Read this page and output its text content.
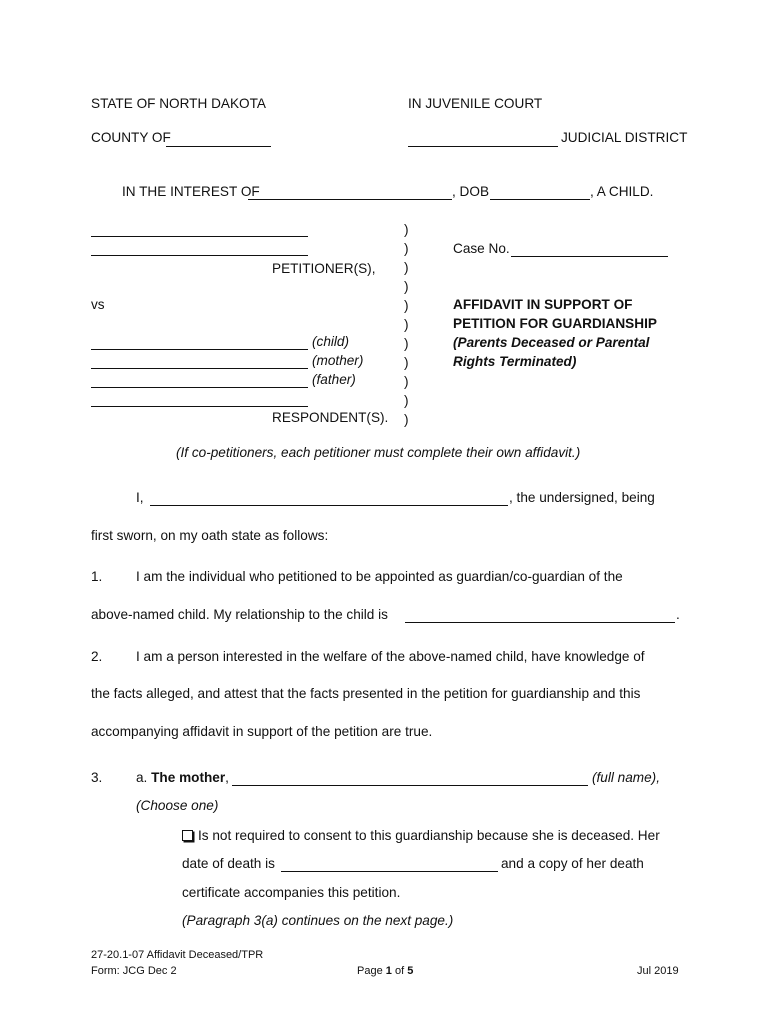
STATE OF NORTH DAKOTA	IN JUVENILE COURT
COUNTY OF	JUDICIAL DISTRICT
IN THE INTEREST OF	, DOB	, A CHILD.
PETITIONER(S),
vs
(child)
(mother)
(father)
RESPONDENT(S).
)
)
)
)
)
)
)
)
)
)
)
Case No.
AFFIDAVIT IN SUPPORT OF
PETITION FOR GUARDIANSHIP
(Parents Deceased or Parental
Rights Terminated)
(If co-petitioners, each petitioner must complete their own affidavit.)
I,	, the undersigned, being
first sworn, on my oath state as follows:
1. I am the individual who petitioned to be appointed as guardian/co-guardian of the
above-named child. My relationship to the child is	.
2. I am a person interested in the welfare of the above-named child, have knowledge of
the facts alleged, and attest that the facts presented in the petition for guardianship and this
accompanying affidavit in support of the petition are true.
3. a. The mother,	(full name),
(Choose one)
Is not required to consent to this guardianship because she is deceased. Her
date of death is	and a copy of her death
certificate accompanies this petition.
(Paragraph 3(a) continues on the next page.)
27-20.1-07 Affidavit Deceased/TPR
Form: JCG Dec 2	Page 1 of 5	Jul 2019
